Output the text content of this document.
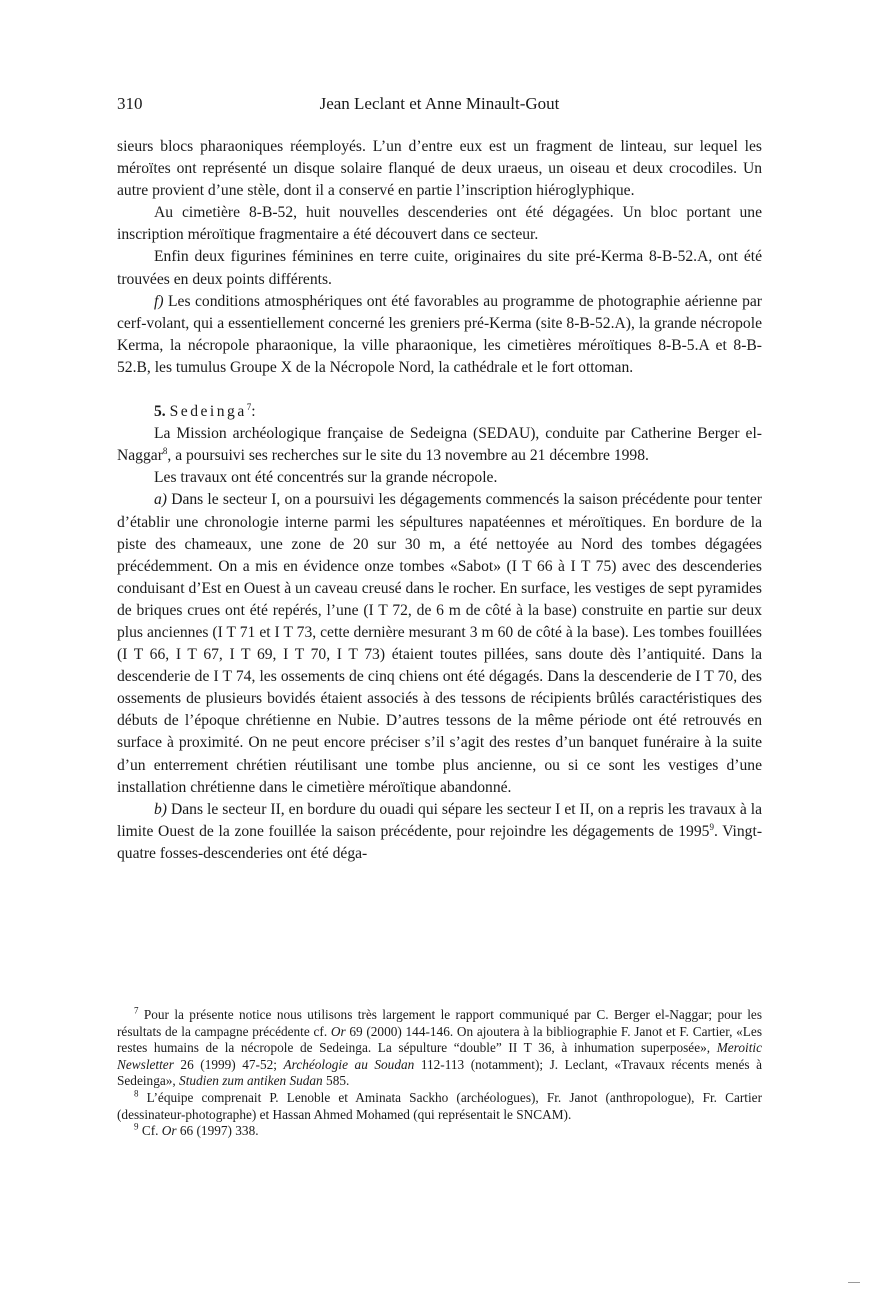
310	Jean Leclant et Anne Minault-Gout

sieurs blocs pharaoniques réemployés. L’un d’entre eux est un fragment de linteau, sur lequel les méroïtes ont représenté un disque solaire flanqué de deux uraeus, un oiseau et deux crocodiles. Un autre provient d’une stèle, dont il a conservé en partie l’inscription hiéroglyphique.

Au cimetière 8-B-52, huit nouvelles descenderies ont été dégagées. Un bloc portant une inscription méroïtique fragmentaire a été découvert dans ce secteur.

Enfin deux figurines féminines en terre cuite, originaires du site pré-Kerma 8-B-52.A, ont été trouvées en deux points différents.

f) Les conditions atmosphériques ont été favorables au programme de photographie aérienne par cerf-volant, qui a essentiellement concerné les greniers pré-Kerma (site 8-B-52.A), la grande nécropole Kerma, la nécropole pharaonique, la ville pharaonique, les cimetières méroïtiques 8-B-5.A et 8-B-52.B, les tumulus Groupe X de la Nécropole Nord, la cathédrale et le fort ottoman.

5. Sedeinga$^7$:

La Mission archéologique française de Sedeigna (SEDAU), conduite par Catherine Berger el-Naggar$^8$, a poursuivi ses recherches sur le site du 13 novembre au 21 décembre 1998.

Les travaux ont été concentrés sur la grande nécropole.

a) Dans le secteur I, on a poursuivi les dégagements commencés la saison précédente pour tenter d’établir une chronologie interne parmi les sépultures napatéennes et méroïtiques. En bordure de la piste des chameaux, une zone de 20 sur 30 m, a été nettoyée au Nord des tombes dégagées précédemment. On a mis en évidence onze tombes «Sabot» (I T 66 à I T 75) avec des descenderies conduisant d’Est en Ouest à un caveau creusé dans le rocher. En surface, les vestiges de sept pyramides de briques crues ont été repérés, l’une (I T 72, de 6 m de côté à la base) construite en partie sur deux plus anciennes (I T 71 et I T 73, cette dernière mesurant 3 m 60 de côté à la base). Les tombes fouillées (I T 66, I T 67, I T 69, I T 70, I T 73) étaient toutes pillées, sans doute dès l’antiquité. Dans la descenderie de I T 74, les ossements de cinq chiens ont été dégagés. Dans la descenderie de I T 70, des ossements de plusieurs bovidés étaient associés à des tessons de récipients brûlés caractéristiques des débuts de l’époque chrétienne en Nubie. D’autres tessons de la même période ont été retrouvés en surface à proximité. On ne peut encore préciser s’il s’agit des restes d’un banquet funéraire à la suite d’un enterrement chrétien réutilisant une tombe plus ancienne, ou si ce sont les vestiges d’une installation chrétienne dans le cimetière méroïtique abandonné.

b) Dans le secteur II, en bordure du ouadi qui sépare les secteur I et II, on a repris les travaux à la limite Ouest de la zone fouillée la saison précédente, pour rejoindre les dégagements de 1995$^9$. Vingt-quatre fosses-descenderies ont été déga-

$^7$ Pour la présente notice nous utilisons très largement le rapport communiqué par C. Berger el-Naggar; pour les résultats de la campagne précédente cf. Or 69 (2000) 144-146. On ajoutera à la bibliographie F. Janot et F. Cartier, «Les restes humains de la nécropole de Sedeinga. La sépulture “double” II T 36, à inhumation superposée», Meroitic Newsletter 26 (1999) 47-52; Archéologie au Soudan 112-113 (notamment); J. Leclant, «Travaux récents menés à Sedeinga», Studien zum antiken Sudan 585.

$^8$ L’équipe comprenait P. Lenoble et Aminata Sackho (archéologues), Fr. Janot (anthropologue), Fr. Cartier (dessinateur-photographe) et Hassan Ahmed Mohamed (qui représentait le SNCAM).

$^9$ Cf. Or 66 (1997) 338.
